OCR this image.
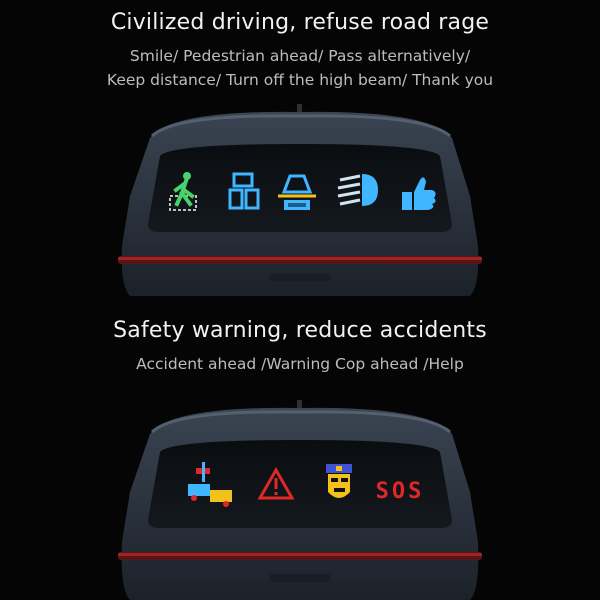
Civilized driving, refuse road rage
Smile/ Pedestrian ahead/ Pass alternatively/
Keep distance/ Turn off the high beam/ Thank you
Safety warning, reduce accidents
Accident ahead /Warning Cop ahead /Help
SOS
